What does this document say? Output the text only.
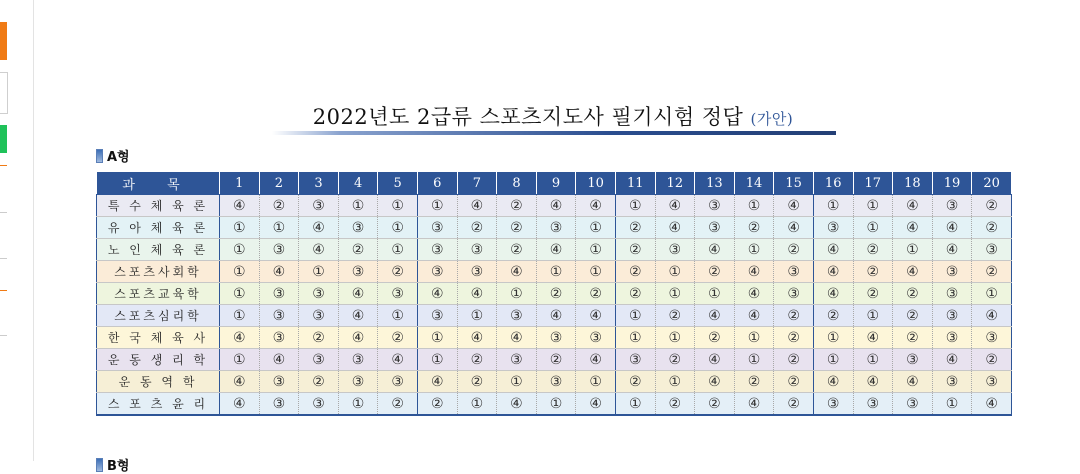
2022년도 2급류 스포츠지도사 필기시험 정답 (가안)
A형
과 목	1	2	3	4	5	6	7	8	9	10	11	12	13	14	15	16	17	18	19	20
특 수 체 육 론	④	②	③	①	①	①	④	②	④	④	①	④	③	①	④	①	①	④	③	②
유 아 체 육 론	①	①	④	③	①	③	②	②	③	①	②	④	③	②	④	③	①	④	④	②
노 인 체 육 론	①	③	④	②	①	③	③	②	④	①	②	③	④	①	②	④	②	①	④	③
스포츠사회학	①	④	①	③	②	③	③	④	①	①	②	①	②	④	③	④	②	④	③	②
스포츠교육학	①	③	③	④	③	④	④	①	②	②	②	①	①	④	③	④	②	②	③	①
스포츠심리학	①	③	③	④	①	③	①	③	④	④	①	②	④	④	②	②	①	②	③	④
한 국 체 육 사	④	③	②	④	②	①	④	④	③	③	①	①	②	①	②	①	④	②	③	③
운 동 생 리 학	①	④	③	③	④	①	②	③	②	④	③	②	④	①	②	①	①	③	④	②
운 동 역 학	④	③	②	③	③	④	②	①	③	①	②	①	④	②	②	④	④	④	③	③
스 포 츠 윤 리	④	③	③	①	②	②	①	④	①	④	①	②	②	④	②	③	③	③	①	④
B형
